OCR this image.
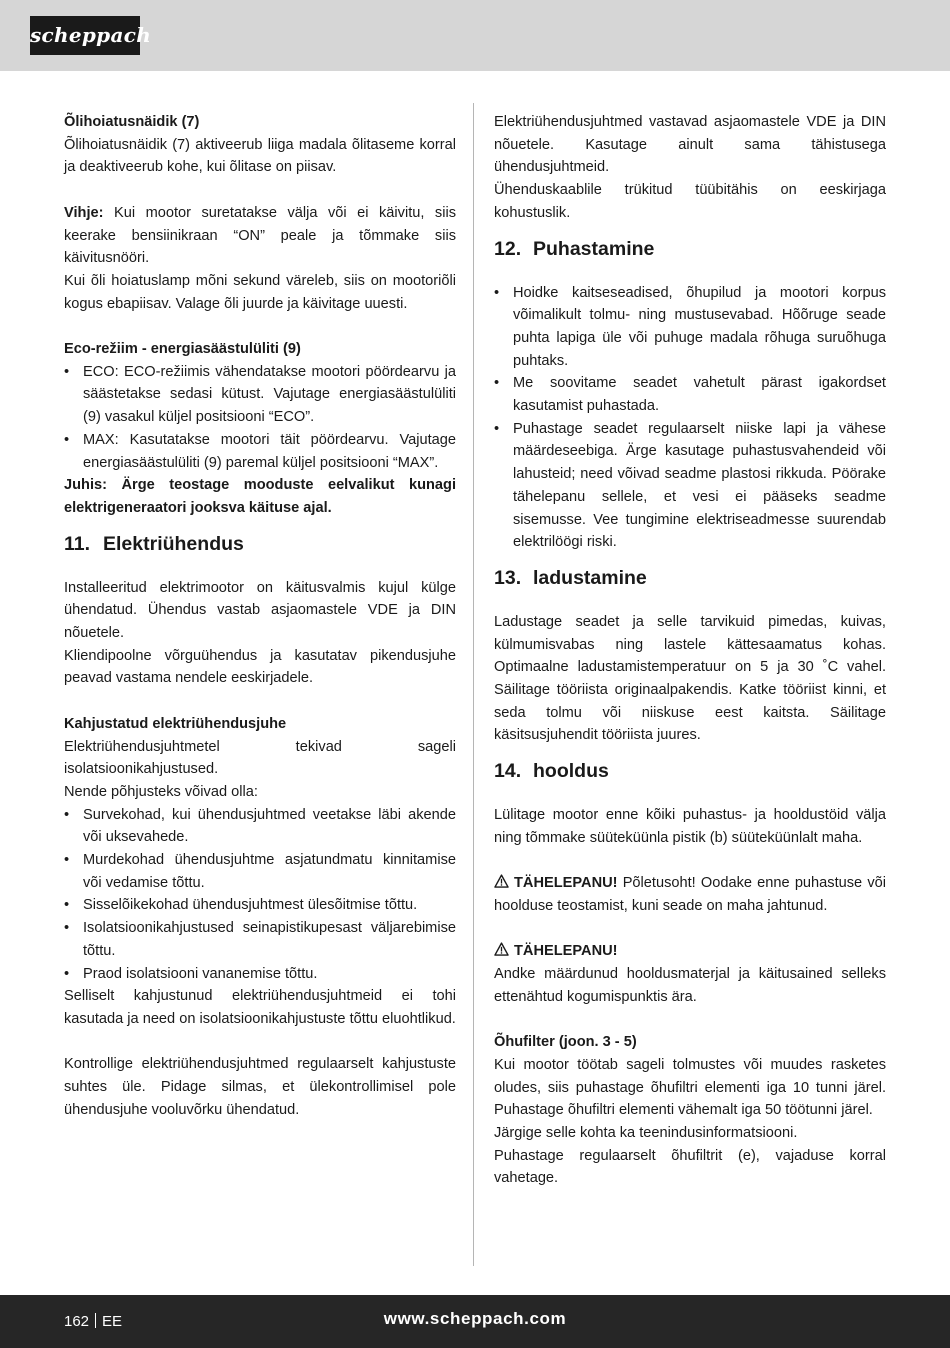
scheppach
Õlihoiatusnäidik (7)
Õlihoiatusnäidik (7) aktiveerub liiga madala õlitaseme korral ja deaktiveerub kohe, kui õlitase on piisav.

Vihje: Kui mootor suretatakse välja või ei käivitu, siis keerake bensiinikraan “ON” peale ja tõmmake siis käivitusnööri.

Kui õli hoiatuslamp mõni sekund väreleb, siis on mootoriõli kogus ebapiisav. Valage õli juurde ja käivitage uuesti.
Eco-režiim - energiasäästulüliti (9)
• ECO: ECO-režiimis vähendatakse mootori pöördearvu ja säästetakse sedasi kütust. Vajutage energiasäästulüliti (9) vasakul küljel positsiooni “ECO”.
• MAX: Kasutatakse mootori täit pöördearvu. Vajutage energiasäästulüliti (9) paremal küljel positsiooni “MAX”.
Juhis: Ärge teostage mooduste eelvalikut kunagi elektrigeneraatori jooksva käituse ajal.
11. Elektriühendus
Installeeritud elektrimootor on käitusvalmis kujul külge ühendatud. Ühendus vastab asjaomastele VDE ja DIN nõuetele.
Kliendipoolne võrguühendus ja kasutatav pikendusjuhe peavad vastama nendele eeskirjadele.
Kahjustatud elektriühendusjuhe
Elektriühendusjuhtmetel tekivad sageli isolatsioonikahjustused.
Nende põhjusteks võivad olla:
• Survekohad, kui ühendusjuhtmed veetakse läbi akende või uksevahede.
• Murdekohad ühendusjuhtme asjatundmatu kinnitamise või vedamise tõttu.
• Sisselõikekohad ühendusjuhtmest ülesõitmise tõttu.
• Isolatsioonikahjustused seinapistikupesast väljarebimise tõttu.
• Praod isolatsiooni vananemise tõttu.
Selliselt kahjustunud elektriühendusjuhtmeid ei tohi kasutada ja need on isolatsioonikahjustuste tõttu eluohtlikud.
Kontrollige elektriühendusjuhtmed regulaarselt kahjustuste suhtes üle. Pidage silmas, et ülekontrollimisel pole ühendusjuhe vooluvõrku ühendatud.
Elektriühendusjuhtmed vastavad asjaomastele VDE ja DIN nõuetele. Kasutage ainult sama tähistusega ühendusjuhtmeid.
Ühenduskaablile trükitud tüübitähis on eeskirjaga kohustuslik.
12. Puhastamine
• Hoidke kaitseseadised, õhupilud ja mootori korpus võimalikult tolmu- ning mustusevabad. Hõõruge seade puhta lapiga üle või puhuge madala rõhuga suruõhuga puhtaks.
• Me soovitame seadet vahetult pärast igakordset kasutamist puhastada.
• Puhastage seadet regulaarselt niiske lapi ja vähese määrdeseebiga. Ärge kasutage puhastusvahendeid või lahusteid; need võivad seadme plastosi rikkuda. Pöörake tähelepanu sellele, et vesi ei pääseks seadme sisemusse. Vee tungimine elektriseadmesse suurendab elektrilöögi riski.
13. ladustamine
Ladustage seadet ja selle tarvikuid pimedas, kuivas, külmumisvabas ning lastele kättesaamatus kohas. Optimaalne ladustamistemperatuur on 5 ja 30 ˚C vahel. Säilitage tööriista originaalpakendis. Katke tööriist kinni, et seda tolmu või niiskuse eest kaitsta. Säilitage käsitsusjuhendit tööriista juures.
14. hooldus
Lülitage mootor enne kõiki puhastus- ja hooldustöid välja ning tõmmake süüteküünla pistik (b) süüteküünlalt maha.

TÄHELEPANU! Põletusoht! Oodake enne puhastuse või hoolduse teostamist, kuni seade on maha jahtunud.

TÄHELEPANU!

Andke määrdunud hooldusmaterjal ja käitusained selleks ettenähtud kogumispunktis ära.
Õhufilter (joon. 3 - 5)
Kui mootor töötab sageli tolmustes või muudes rasketes oludes, siis puhastage õhufiltri elementi iga 10 tunni järel. Puhastage õhufiltri elementi vähemalt iga 50 töötunni järel.
Järgige selle kohta ka teenindusinformatsiooni.
Puhastage regulaarselt õhufiltrit (e), vajaduse korral vahetage.
162 EE	www.scheppach.com
